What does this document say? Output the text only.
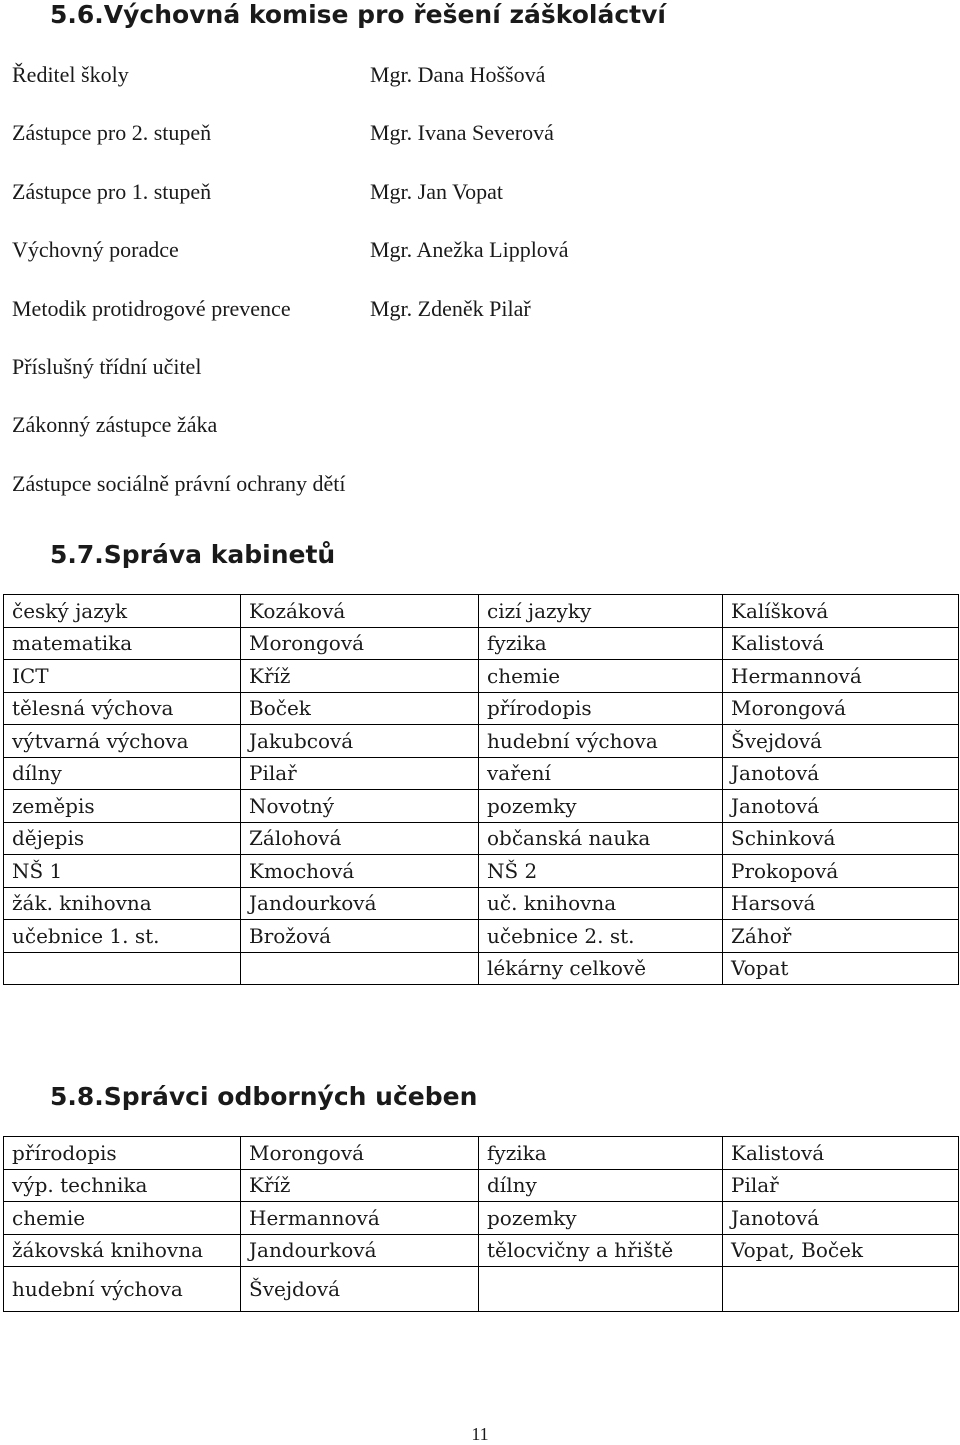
5.6.Výchovná komise pro řešení záškoláctví
Ředitel školy	Mgr. Dana Hoššová
Zástupce pro 2. stupeň	Mgr. Ivana Severová
Zástupce pro 1. stupeň	Mgr. Jan Vopat
Výchovný poradce	Mgr. Anežka Lipplová
Metodik protidrogové prevence	Mgr. Zdeněk Pilař
Příslušný třídní učitel
Zákonný zástupce žáka
Zástupce sociálně právní ochrany dětí
5.7.Správa kabinetů
český jazyk	Kozáková	cizí jazyky	Kalíšková
matematika	Morongová	fyzika	Kalistová
ICT	Kříž	chemie	Hermannová
tělesná výchova	Boček	přírodopis	Morongová
výtvarná výchova	Jakubcová	hudební výchova	Švejdová
dílny	Pilař	vaření	Janotová
zeměpis	Novotný	pozemky	Janotová
dějepis	Zálohová	občanská nauka	Schinková
NŠ 1	Kmochová	NŠ 2	Prokopová
žák. knihovna	Jandourková	uč. knihovna	Harsová
učebnice 1. st.	Brožová	učebnice 2. st.	Záhoř
		lékárny celkově	Vopat
5.8.Správci odborných učeben
přírodopis	Morongová	fyzika	Kalistová
výp. technika	Kříž	dílny	Pilař
chemie	Hermannová	pozemky	Janotová
žákovská knihovna	Jandourková	tělocvičny a hřiště	Vopat, Boček
hudební výchova	Švejdová		
11
